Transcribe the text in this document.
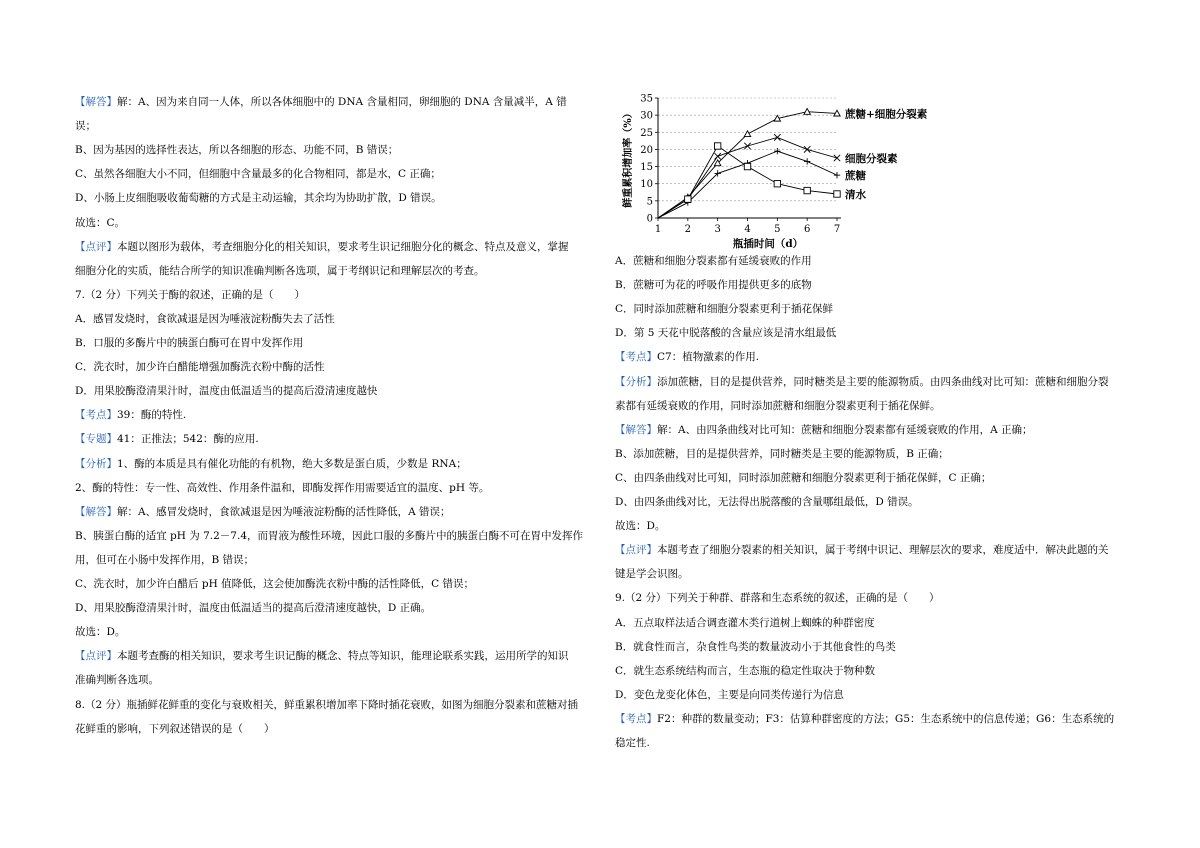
【解答】解：A、因为来自同一人体，所以各体细胞中的 DNA 含量相同，卵细胞的 DNA 含量减半，A 错
误；
B、因为基因的选择性表达，所以各细胞的形态、功能不同，B 错误；
C、虽然各细胞大小不同，但细胞中含量最多的化合物相同，都是水，C 正确；
D、小肠上皮细胞吸收葡萄糖的方式是主动运输，其余均为协助扩散，D 错误。
故选：C。
【点评】本题以图形为载体，考查细胞分化的相关知识，要求考生识记细胞分化的概念、特点及意义，掌握
细胞分化的实质，能结合所学的知识准确判断各选项，属于考纲识记和理解层次的考查。
7.（2 分）下列关于酶的叙述，正确的是（　　）
A．感冒发烧时，食欲减退是因为唾液淀粉酶失去了活性
B．口服的多酶片中的胰蛋白酶可在胃中发挥作用
C．洗衣时，加少许白醋能增强加酶洗衣粉中酶的活性
D．用果胶酶澄清果汁时，温度由低温适当的提高后澄清速度越快
【考点】39：酶的特性.
【专题】41：正推法；542：酶的应用.
【分析】1、酶的本质是具有催化功能的有机物，绝大多数是蛋白质，少数是 RNA；
2、酶的特性：专一性、高效性、作用条件温和，即酶发挥作用需要适宜的温度、pH 等。
【解答】解：A、感冒发烧时，食欲减退是因为唾液淀粉酶的活性降低，A 错误；
B、胰蛋白酶的适宜 pH 为 7.2－7.4，而胃液为酸性环境，因此口服的多酶片中的胰蛋白酶不可在胃中发挥作
用，但可在小肠中发挥作用，B 错误；
C、洗衣时，加少许白醋后 pH 值降低，这会使加酶洗衣粉中酶的活性降低，C 错误；
D、用果胶酶澄清果汁时，温度由低温适当的提高后澄清速度越快，D 正确。
故选：D。
【点评】本题考查酶的相关知识，要求考生识记酶的概念、特点等知识，能理论联系实践，运用所学的知识
准确判断各选项。
8.（2 分）瓶插鲜花鲜重的变化与衰败相关，鲜重累积增加率下降时插花衰败，如图为细胞分裂素和蔗糖对插
花鲜重的影响，下列叙述错误的是（　　）
A．蔗糖和细胞分裂素都有延缓衰败的作用
B．蔗糖可为花的呼吸作用提供更多的底物
C．同时添加蔗糖和细胞分裂素更利于插花保鲜
D．第 5 天花中脱落酸的含量应该是清水组最低
【考点】C7：植物激素的作用.
【分析】添加蔗糖，目的是提供营养，同时糖类是主要的能源物质。由四条曲线对比可知：蔗糖和细胞分裂
素都有延缓衰败的作用，同时添加蔗糖和细胞分裂素更利于插花保鲜。
【解答】解：A、由四条曲线对比可知：蔗糖和细胞分裂素都有延缓衰败的作用，A 正确；
B、添加蔗糖，目的是提供营养，同时糖类是主要的能源物质，B 正确；
C、由四条曲线对比可知，同时添加蔗糖和细胞分裂素更利于插花保鲜，C 正确；
D、由四条曲线对比，无法得出脱落酸的含量哪组最低，D 错误。
故选：D。
【点评】本题考查了细胞分裂素的相关知识，属于考纲中识记、理解层次的要求，难度适中．解决此题的关
键是学会识图。
9.（2 分）下列关于种群、群落和生态系统的叙述，正确的是（　　）
A．五点取样法适合调查灌木类行道树上蜘蛛的种群密度
B．就食性而言，杂食性鸟类的数量波动小于其他食性的鸟类
C．就生态系统结构而言，生态瓶的稳定性取决于物种数
D．变色龙变化体色，主要是向同类传递行为信息
【考点】F2：种群的数量变动；F3：估算种群密度的方法；G5：生态系统中的信息传递；G6：生态系统的
稳定性.
0
5
10
15
20
25
30
35
1 2 3 4 5 6 7
瓶插时间（d）
鲜重累积增加率（%）	蔗糖+细胞分裂素
细胞分裂素
蔗糖
清水
